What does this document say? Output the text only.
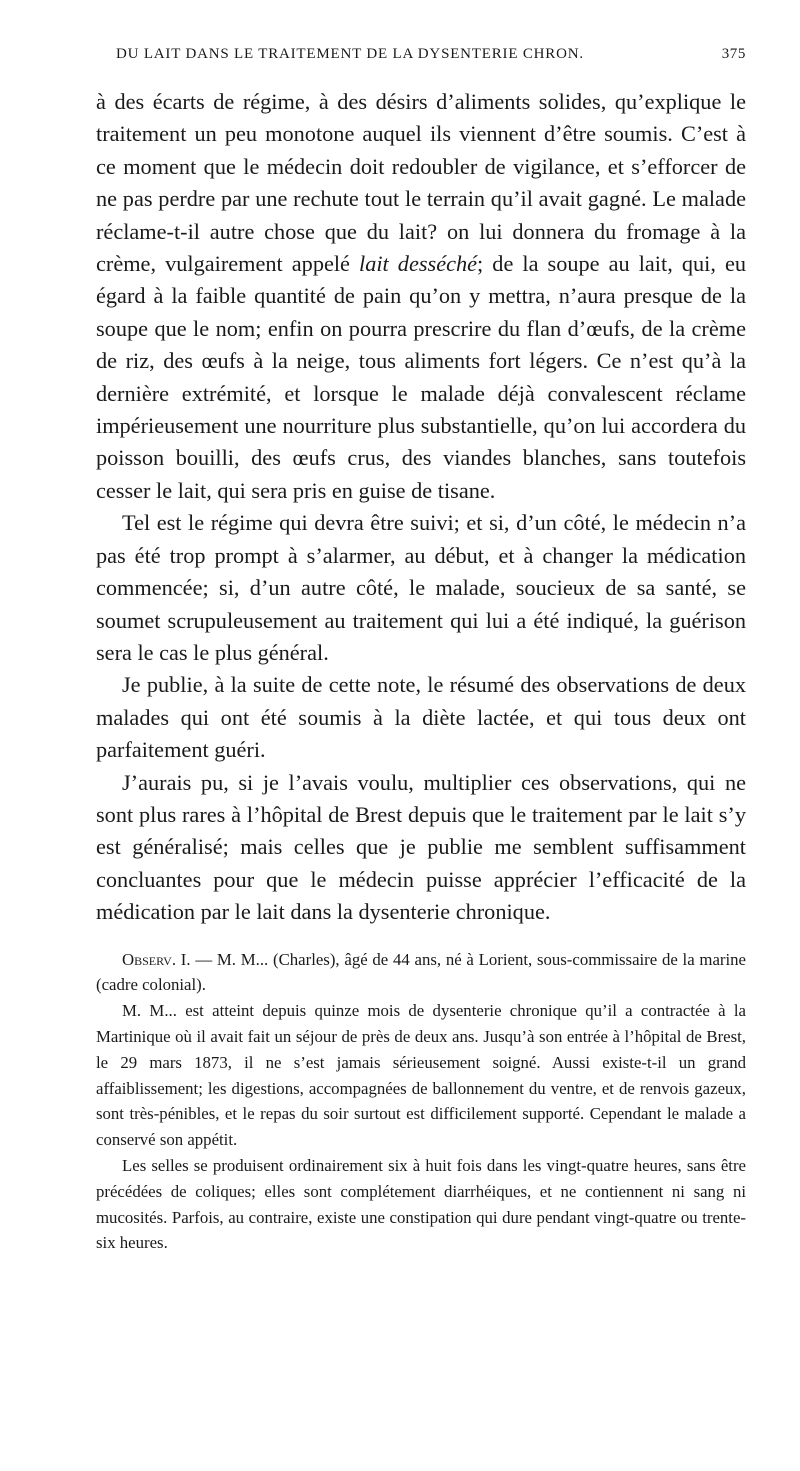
DU LAIT DANS LE TRAITEMENT DE LA DYSENTERIE CHRON.	375

à des écarts de régime, à des désirs d’aliments solides, qu’explique le traitement un peu monotone auquel ils viennent d’être soumis. C’est à ce moment que le médecin doit redoubler de vigilance, et s’efforcer de ne pas perdre par une rechute tout le terrain qu’il avait gagné. Le malade réclame-t-il autre chose que du lait? on lui donnera du fromage à la crème, vulgairement appelé lait desséché; de la soupe au lait, qui, eu égard à la faible quantité de pain qu’on y mettra, n’aura presque de la soupe que le nom; enfin on pourra prescrire du flan d’œufs, de la crème de riz, des œufs à la neige, tous aliments fort légers. Ce n’est qu’à la dernière extrémité, et lorsque le malade déjà convalescent réclame impérieusement une nourriture plus substantielle, qu’on lui accordera du poisson bouilli, des œufs crus, des viandes blanches, sans toutefois cesser le lait, qui sera pris en guise de tisane.

Tel est le régime qui devra être suivi; et si, d’un côté, le médecin n’a pas été trop prompt à s’alarmer, au début, et à changer la médication commencée; si, d’un autre côté, le malade, soucieux de sa santé, se soumet scrupuleusement au traitement qui lui a été indiqué, la guérison sera le cas le plus général.

Je publie, à la suite de cette note, le résumé des observations de deux malades qui ont été soumis à la diète lactée, et qui tous deux ont parfaitement guéri.

J’aurais pu, si je l’avais voulu, multiplier ces observations, qui ne sont plus rares à l’hôpital de Brest depuis que le traitement par le lait s’y est généralisé; mais celles que je publie me semblent suffisamment concluantes pour que le médecin puisse apprécier l’efficacité de la médication par le lait dans la dysenterie chronique.

Observ. I. — M. M... (Charles), âgé de 44 ans, né à Lorient, sous-commissaire de la marine (cadre colonial).

M. M... est atteint depuis quinze mois de dysenterie chronique qu’il a contractée à la Martinique où il avait fait un séjour de près de deux ans. Jusqu’à son entrée à l’hôpital de Brest, le 29 mars 1873, il ne s’est jamais sérieusement soigné. Aussi existe-t-il un grand affaiblissement; les digestions, accompagnées de ballonnement du ventre, et de renvois gazeux, sont très-pénibles, et le repas du soir surtout est difficilement supporté. Cependant le malade a conservé son appétit.

Les selles se produisent ordinairement six à huit fois dans les vingt-quatre heures, sans être précédées de coliques; elles sont complétement diarrhéiques, et ne contiennent ni sang ni mucosités. Parfois, au contraire, existe une constipation qui dure pendant vingt-quatre ou trente-six heures.
